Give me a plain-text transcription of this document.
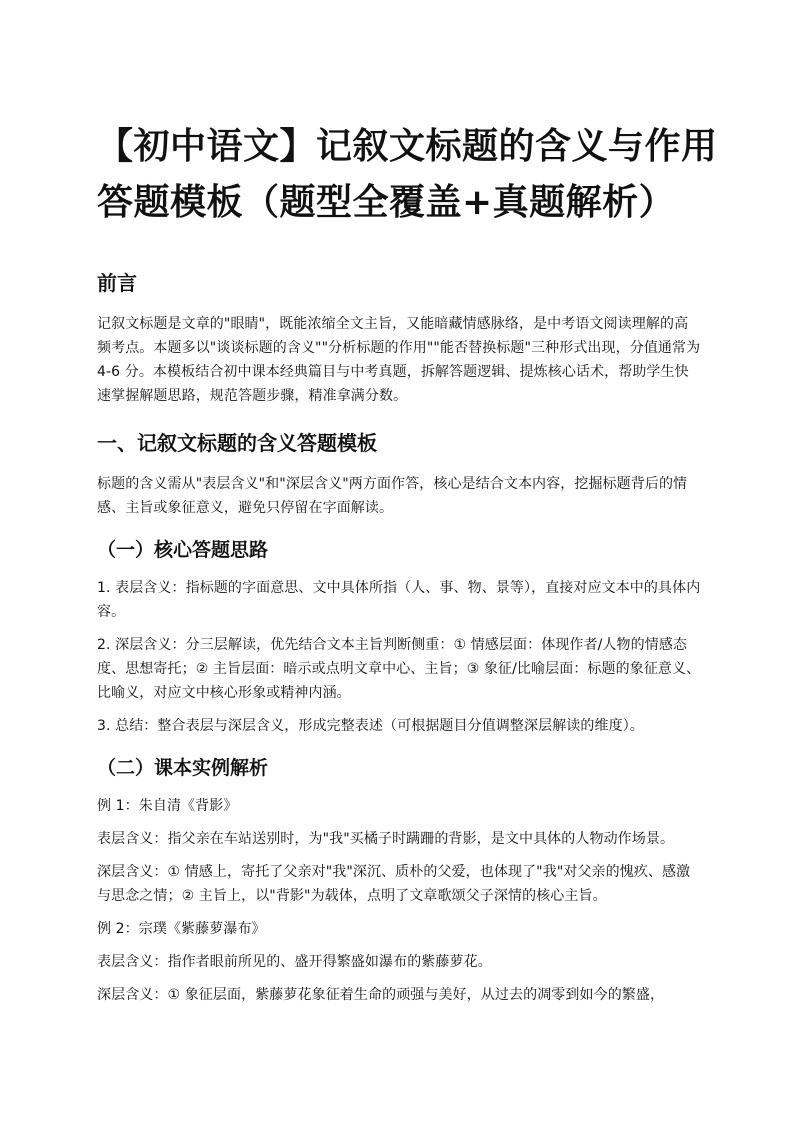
【初中语文】记叙文标题的含义与作用
答题模板（题型全覆盖+真题解析）
前言

记叙文标题是文章的"眼睛"，既能浓缩全文主旨，又能暗藏情感脉络，是中考语文阅读理解的高频考点。本题多以"谈谈标题的含义""分析标题的作用""能否替换标题"三种形式出现，分值通常为 4-6 分。本模板结合初中课本经典篇目与中考真题，拆解答题逻辑、提炼核心话术，帮助学生快速掌握解题思路，规范答题步骤，精准拿满分数。

一、记叙文标题的含义答题模板

标题的含义需从"表层含义"和"深层含义"两方面作答，核心是结合文本内容，挖掘标题背后的情感、主旨或象征意义，避免只停留在字面解读。

（一）核心答题思路

1. 表层含义：指标题的字面意思、文中具体所指（人、事、物、景等），直接对应文本中的具体内容。

2. 深层含义：分三层解读，优先结合文本主旨判断侧重：① 情感层面：体现作者/人物的情感态度、思想寄托；② 主旨层面：暗示或点明文章中心、主旨；③ 象征/比喻层面：标题的象征意义、比喻义，对应文中核心形象或精神内涵。

3. 总结：整合表层与深层含义，形成完整表述（可根据题目分值调整深层解读的维度）。

（二）课本实例解析

例 1：朱自清《背影》

表层含义：指父亲在车站送别时，为"我"买橘子时蹒跚的背影，是文中具体的人物动作场景。

深层含义：① 情感上，寄托了父亲对"我"深沉、质朴的父爱，也体现了"我"对父亲的愧疚、感激与思念之情；② 主旨上，以"背影"为载体，点明了文章歌颂父子深情的核心主旨。

例 2：宗璞《紫藤萝瀑布》

表层含义：指作者眼前所见的、盛开得繁盛如瀑布的紫藤萝花。

深层含义：① 象征层面，紫藤萝花象征着生命的顽强与美好，从过去的凋零到如今的繁盛，
